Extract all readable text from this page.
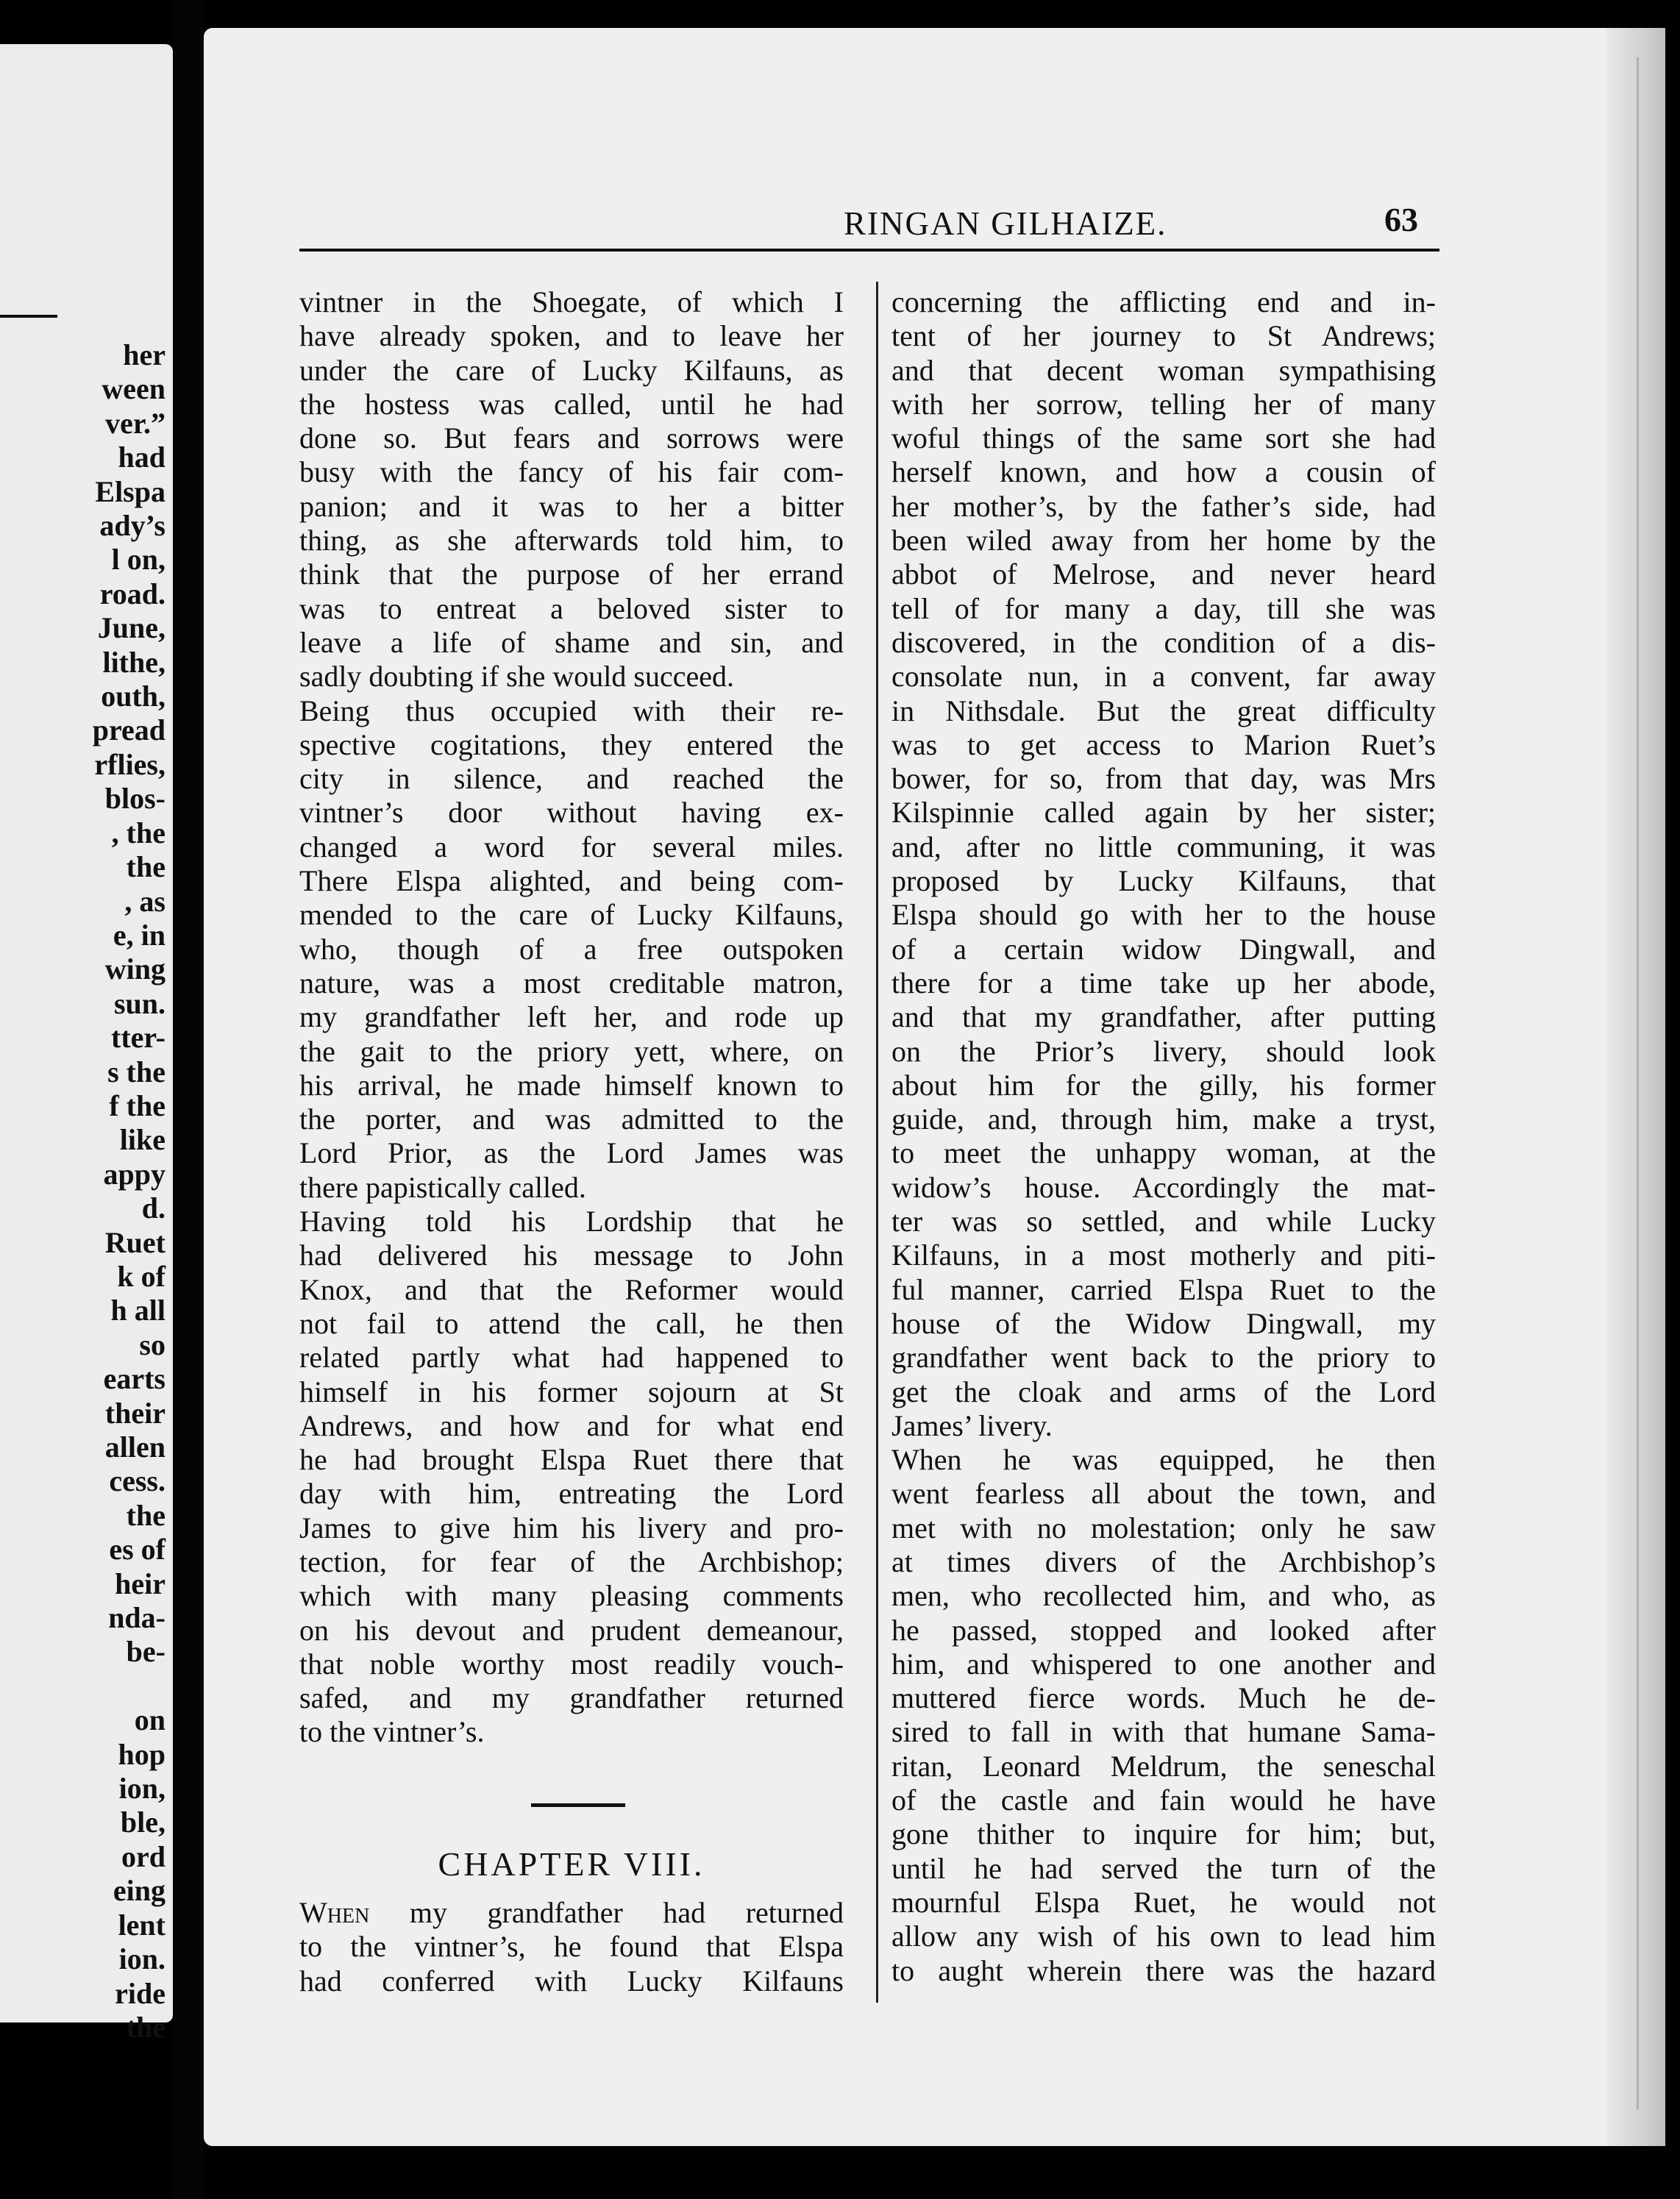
her
ween
ver.”
had
Elspa
ady’s
l on,
road.
June,
lithe,
outh,
pread
rflies,
blos-
, the
the
, as
e, in
wing
sun.
tter-
s the
f the
like
appy
d.
Ruet
k of
h all
so
earts
their
allen
cess.
the
es of
heir
nda-
be-

on
hop
ion,
ble,
ord
eing
lent
ion.
ride
the
RINGAN GILHAIZE.	63
vintner in the Shoegate, of which I
have already spoken, and to leave her
under the care of Lucky Kilfauns, as
the hostess was called, until he had
done so. But fears and sorrows were
busy with the fancy of his fair com-
panion; and it was to her a bitter
thing, as she afterwards told him, to
think that the purpose of her errand
was to entreat a beloved sister to
leave a life of shame and sin, and
sadly doubting if she would succeed.
Being thus occupied with their re-
spective cogitations, they entered the
city in silence, and reached the
vintner’s door without having ex-
changed a word for several miles.
There Elspa alighted, and being com-
mended to the care of Lucky Kilfauns,
who, though of a free outspoken
nature, was a most creditable matron,
my grandfather left her, and rode up
the gait to the priory yett, where, on
his arrival, he made himself known to
the porter, and was admitted to the
Lord Prior, as the Lord James was
there papistically called.
Having told his Lordship that he
had delivered his message to John
Knox, and that the Reformer would
not fail to attend the call, he then
related partly what had happened to
himself in his former sojourn at St
Andrews, and how and for what end
he had brought Elspa Ruet there that
day with him, entreating the Lord
James to give him his livery and pro-
tection, for fear of the Archbishop;
which with many pleasing comments
on his devout and prudent demeanour,
that noble worthy most readily vouch-
safed, and my grandfather returned
to the vintner’s.
concerning the afflicting end and in-
tent of her journey to St Andrews;
and that decent woman sympathising
with her sorrow, telling her of many
woful things of the same sort she had
herself known, and how a cousin of
her mother’s, by the father’s side, had
been wiled away from her home by the
abbot of Melrose, and never heard
tell of for many a day, till she was
discovered, in the condition of a dis-
consolate nun, in a convent, far away
in Nithsdale. But the great difficulty
was to get access to Marion Ruet’s
bower, for so, from that day, was Mrs
Kilspinnie called again by her sister;
and, after no little communing, it was
proposed by Lucky Kilfauns, that
Elspa should go with her to the house
of a certain widow Dingwall, and
there for a time take up her abode,
and that my grandfather, after putting
on the Prior’s livery, should look
about him for the gilly, his former
guide, and, through him, make a tryst,
to meet the unhappy woman, at the
widow’s house. Accordingly the mat-
ter was so settled, and while Lucky
Kilfauns, in a most motherly and piti-
ful manner, carried Elspa Ruet to the
house of the Widow Dingwall, my
grandfather went back to the priory to
get the cloak and arms of the Lord
James’ livery.
When he was equipped, he then
went fearless all about the town, and
met with no molestation; only he saw
at times divers of the Archbishop’s
men, who recollected him, and who, as
he passed, stopped and looked after
him, and whispered to one another and
muttered fierce words. Much he de-
sired to fall in with that humane Sama-
ritan, Leonard Meldrum, the seneschal
of the castle and fain would he have
gone thither to inquire for him; but,
until he had served the turn of the
mournful Elspa Ruet, he would not
allow any wish of his own to lead him
to aught wherein there was the hazard
CHAPTER VIII.
When my grandfather had returned
to the vintner’s, he found that Elspa
had conferred with Lucky Kilfauns
